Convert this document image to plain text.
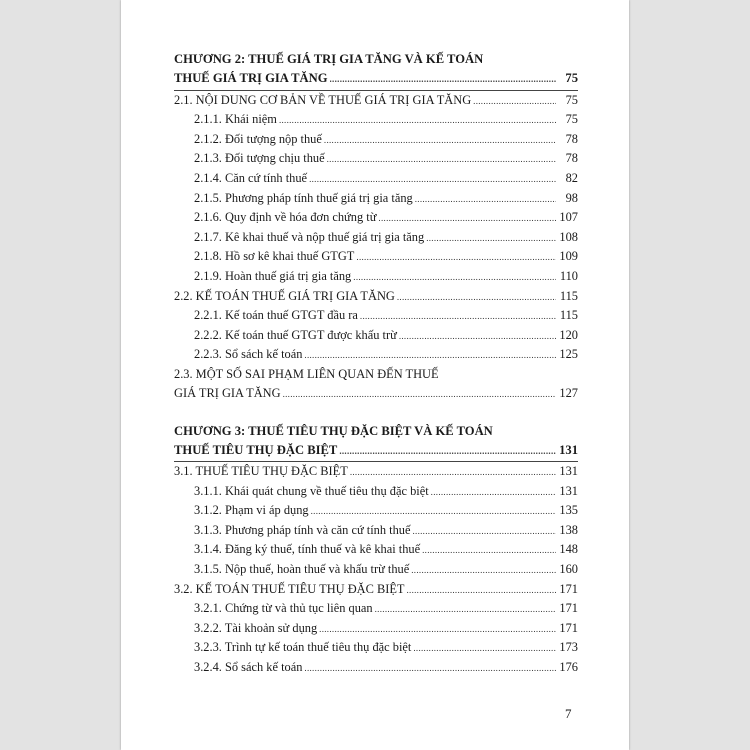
CHƯƠNG 2: THUẾ GIÁ TRỊ GIA TĂNG VÀ KẾ TOÁN
THUẾ GIÁ TRỊ GIA TĂNG .....	75
2.1. NỘI DUNG CƠ BẢN VỀ THUẾ GIÁ TRỊ GIA TĂNG .....	75
2.1.1. Khái niệm .....	75
2.1.2. Đối tượng nộp thuế .....	78
2.1.3. Đối tượng chịu thuế .....	78
2.1.4. Căn cứ tính thuế .....	82
2.1.5. Phương pháp tính thuế giá trị gia tăng .....	98
2.1.6. Quy định về hóa đơn chứng từ .....	107
2.1.7. Kê khai thuế và nộp thuế giá trị gia tăng .....	108
2.1.8. Hồ sơ kê khai thuế GTGT .....	109
2.1.9. Hoàn thuế giá trị gia tăng .....	110
2.2. KẾ TOÁN THUẾ GIÁ TRỊ GIA TĂNG .....	115
2.2.1. Kế toán thuế GTGT đầu ra .....	115
2.2.2. Kế toán thuế GTGT được khấu trừ .....	120
2.2.3. Sổ sách kế toán .....	125
2.3. MỘT SỐ SAI PHẠM LIÊN QUAN ĐẾN THUẾ
GIÁ TRỊ GIA TĂNG .....	127
CHƯƠNG 3: THUẾ TIÊU THỤ ĐẶC BIỆT VÀ KẾ TOÁN
THUẾ TIÊU THỤ ĐẶC BIỆT .....	131
3.1. THUẾ TIÊU THỤ ĐẶC BIỆT .....	131
3.1.1. Khái quát chung về thuế tiêu thụ đặc biệt .....	131
3.1.2. Phạm vi áp dụng .....	135
3.1.3. Phương pháp tính và căn cứ tính thuế .....	138
3.1.4. Đăng ký thuế, tính thuế và kê khai thuế .....	148
3.1.5. Nộp thuế, hoàn thuế và khấu trừ thuế .....	160
3.2. KẾ TOÁN THUẾ TIÊU THỤ ĐẶC BIỆT .....	171
3.2.1. Chứng từ và thủ tục liên quan .....	171
3.2.2. Tài khoản sử dụng .....	171
3.2.3. Trình tự kế toán thuế tiêu thụ đặc biệt .....	173
3.2.4. Sổ sách kế toán .....	176
7
